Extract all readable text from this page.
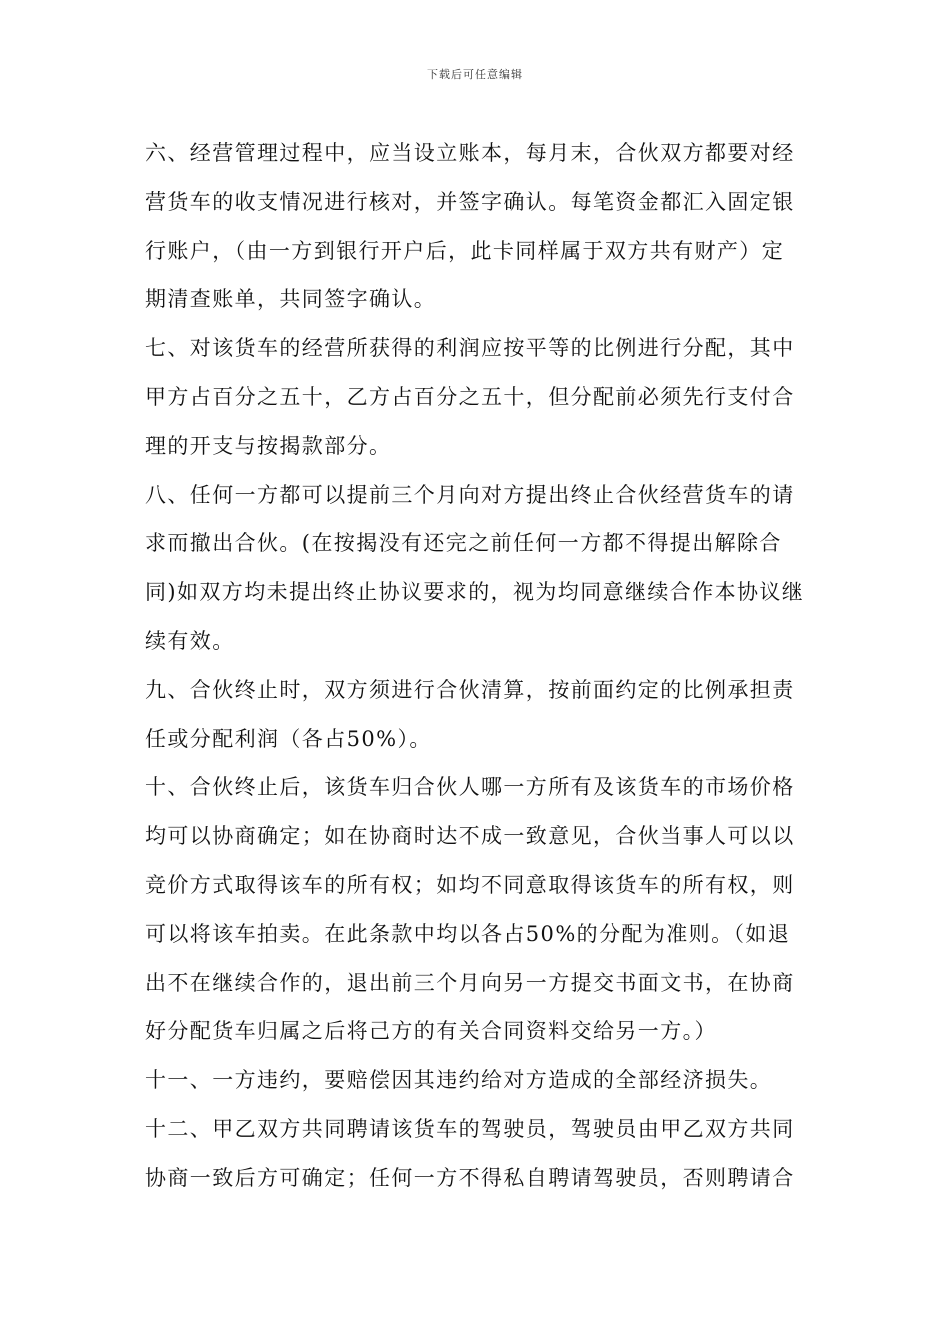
下载后可任意编辑
六、经营管理过程中，应当设立账本，每月末，合伙双方都要对经
营货车的收支情况进行核对，并签字确认。每笔资金都汇入固定银
行账户，（由一方到银行开户后，此卡同样属于双方共有财产）定
期清查账单，共同签字确认。
七、对该货车的经营所获得的利润应按平等的比例进行分配，其中
甲方占百分之五十，乙方占百分之五十，但分配前必须先行支付合
理的开支与按揭款部分。
八、任何一方都可以提前三个月向对方提出终止合伙经营货车的请
求而撤出合伙。(在按揭没有还完之前任何一方都不得提出解除合
同)如双方均未提出终止协议要求的，视为均同意继续合作本协议继
续有效。
九、合伙终止时，双方须进行合伙清算，按前面约定的比例承担责
任或分配利润（各占50%）。
十、合伙终止后，该货车归合伙人哪一方所有及该货车的市场价格
均可以协商确定；如在协商时达不成一致意见，合伙当事人可以以
竞价方式取得该车的所有权；如均不同意取得该货车的所有权，则
可以将该车拍卖。在此条款中均以各占50%的分配为准则。（如退
出不在继续合作的，退出前三个月向另一方提交书面文书，在协商
好分配货车归属之后将己方的有关合同资料交给另一方。）
十一、一方违约，要赔偿因其违约给对方造成的全部经济损失。
十二、甲乙双方共同聘请该货车的驾驶员，驾驶员由甲乙双方共同
协商一致后方可确定；任何一方不得私自聘请驾驶员，否则聘请合
